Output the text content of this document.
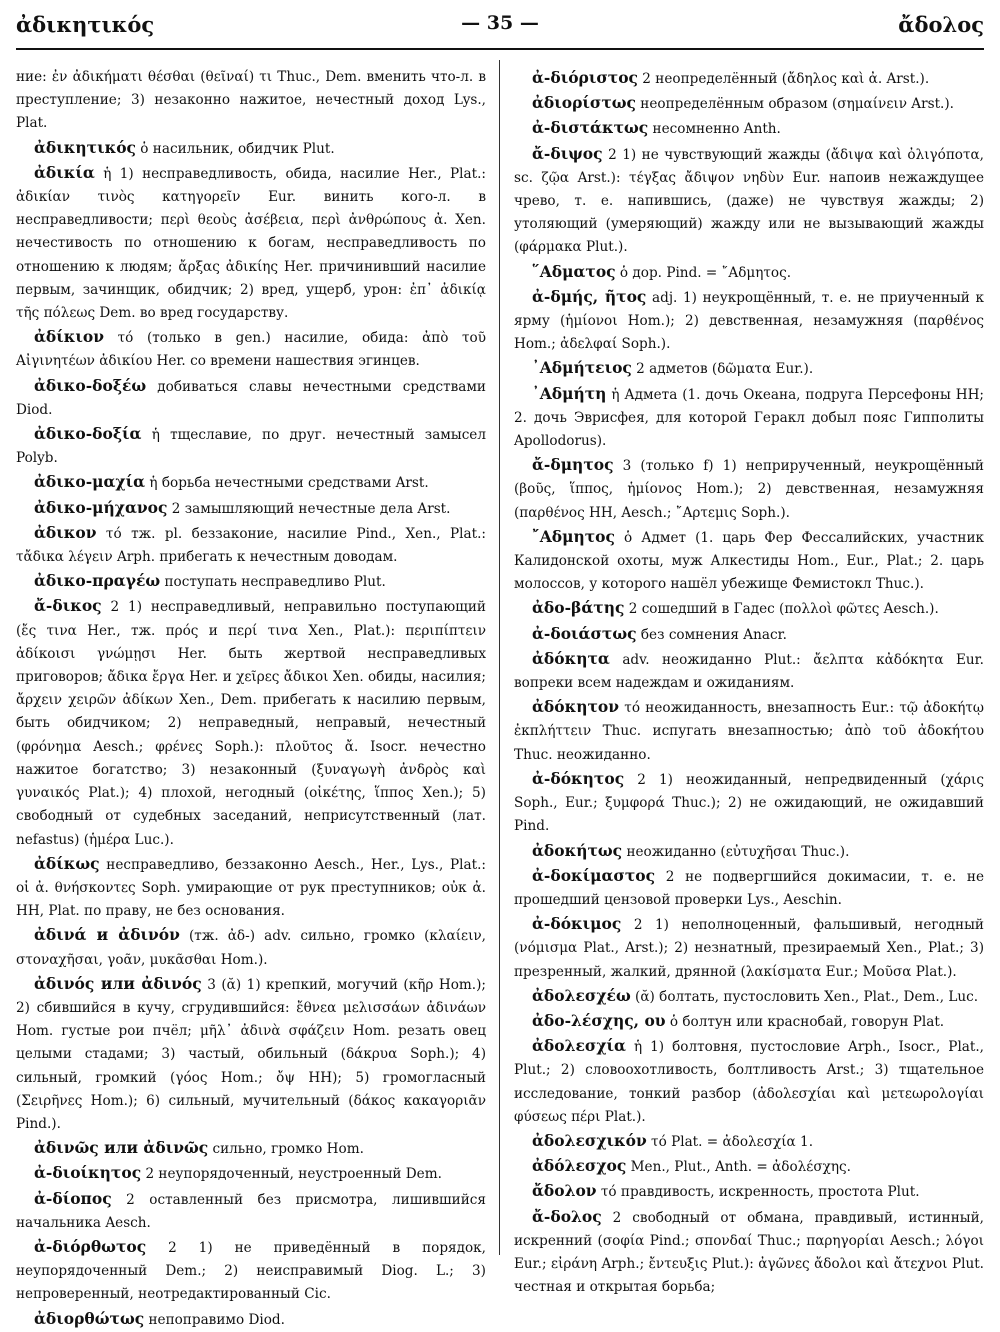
ἀδικητικός	— 35 —	ἄδολος

ние: ἐν ἀδικήματι θέσθαι (θεῖναί) τι Thuc., Dem. вменить что-л. в преступление; 3) незаконно нажитое, нечестный доход Lys., Plat.

ἀδικητικός ὁ насильник, обидчик Plut.

ἀδικία ἡ 1) несправедливость, обида, насилие Her., Plat.: ἀδικίαν τινὸς κατηγορεῖν Eur. винить кого-л. в несправедливости; περὶ θεοὺς ἀσέβεια, περὶ ἀνθρώπους ἀ. Xen. нечестивость по отношению к богам, несправедливость по отношению к людям; ἄρξας ἀδικίης Her. причинивший насилие первым, зачинщик, обидчик; 2) вред, ущерб, урон: ἐπ᾽ ἀδικίᾳ τῆς πόλεως Dem. во вред государству.

ἀδίκιον τό (только в gen.) насилие, обида: ἀπὸ τοῦ Αἰγινητέων ἀδικίου Her. со времени нашествия эгинцев.

ἀδικο-δοξέω добиваться славы нечестными средствами Diod.

ἀδικο-δοξία ἡ тщеславие, по друг. нечестный замысел Polyb.

ἀδικο-μαχία ἡ борьба нечестными средствами Arst.

ἀδικο-μήχανος 2 замышляющий нечестные дела Arst.

ἀδικον τό тж. pl. беззаконие, насилие Pind., Xen., Plat.: τἄδικα λέγειν Arph. прибегать к нечестным доводам.

ἀδικο-πραγέω поступать несправедливо Plut.

ἄ-δικος 2 1) несправедливый, неправильно поступающий (ἔς τινα Her., тж. πρός и περί τινα Xen., Plat.): περιπίπτειν ἀδίκοισι γνώμῃσι Her. быть жертвой несправедливых приговоров; ἄδικα ἔργα Her. и χεῖρες ἄδικοι Xen. обиды, насилия; ἄρχειν χειρῶν ἀδίκων Xen., Dem. прибегать к насилию первым, быть обидчиком; 2) неправедный, неправый, нечестный (φρόνημα Aesch.; φρένες Soph.): πλοῦτος ἄ. Isocr. нечестно нажитое богатство; 3) незаконный (ξυναγωγὴ ἀνδρὸς καὶ γυναικός Plat.); 4) плохой, негодный (οἰκέτης, ἵππος Xen.); 5) свободный от судебных заседаний, неприсутственный (лат. nefastus) (ἡμέρα Luc.).

ἀδίκως несправедливо, беззаконно Aesch., Her., Lys., Plat.: οἱ ἀ. θνήσκοντες Soph. умирающие от рук преступников; οὐκ ἀ. HH, Plat. по праву, не без основания.

ἀδινά и ἀδινόν (тж. ἀδ-) adv. сильно, громко (κλαίειν, στοναχῆσαι, γοᾶν, μυκᾶσθαι Hom.).

ἀδινός или ἀδινός 3 (ᾰ) 1) крепкий, могучий (κῆρ Hom.); 2) сбившийся в кучу, сгрудившийся: ἔθνεα μελισσάων ἀδινάων Hom. густые рои пчёл; μῆλ᾽ ἀδινὰ σφάζειν Hom. резать овец целыми стадами; 3) частый, обильный (δάκρυα Soph.); 4) сильный, громкий (γόος Hom.; ὄψ HH); 5) громогласный (Σειρῆνες Hom.); 6) сильный, мучительный (δάκος κακαγοριᾶν Pind.).

ἀδινῶς или ἀδινῶς сильно, громко Hom.

ἀ-διοίκητος 2 неупорядоченный, неустроенный Dem.

ἀ-δίοπος 2 оставленный без присмотра, лишившийся начальника Aesch.

ἀ-διόρθωτος 2 1) не приведённый в порядок, неупорядоченный Dem.; 2) неисправимый Diog. L.; 3) непроверенный, неотредактированный Cic.

ἀδιορθώτως непоправимо Diod.

ἀ-διόριστος 2 неопределённый (ἄδηλος καὶ ἀ. Arst.).

ἀδιορίστως неопределённым образом (σημαίνειν Arst.).

ἀ-διστάκτως несомненно Anth.

ἄ-διψος 2 1) не чувствующий жажды (ἄδιψα καὶ ὀλιγόποτα, sc. ζῷα Arst.): τέγξας ἄδιψον νηδὺν Eur. напоив нежаждущее чрево, т. е. напившись, (даже) не чувствуя жажды; 2) утоляющий (умеряющий) жажду или не вызывающий жажды (φάρμακα Plut.).

῞Αδματος ὁ дор. Pind. = ῎Αδμητος.

ἀ-δμής, ῆτος adj. 1) неукрощённый, т. е. не приученный к ярму (ἡμίονοι Hom.); 2) девственная, незамужняя (παρθένος Hom.; ἀδελφαί Soph.).

᾿Αδμήτειος 2 адметов (δῶματα Eur.).

᾿Αδμήτη ἡ Адмета (1. дочь Океана, подруга Персефоны HH; 2. дочь Эврисфея, для которой Геракл добыл пояс Гипполиты Apollodorus).

ἄ-δμητος 3 (только f) 1) неприрученный, неукрощённый (βοῦς, ἵππος, ἡμίονος Hom.); 2) девственная, незамужняя (παρθένος HH, Aesch.; ῎Αρτεμις Soph.).

῎Αδμητος ὁ Адмет (1. царь Фер Фессалийских, участник Калидонской охоты, муж Алкестиды Hom., Eur., Plat.; 2. царь молоссов, у которого нашёл убежище Фемистокл Thuc.).

ἀδο-βάτης 2 сошедший в Гадес (πολλοὶ φῶτες Aesch.).

ἀ-δοιάστως без сомнения Anacr.

ἀδόκητα adv. неожиданно Plut.: ἄελπτα κἀδόκητα Eur. вопреки всем надеждам и ожиданиям.

ἀδόκητον τό неожиданность, внезапность Eur.: τῷ ἀδοκήτῳ ἐκπλήττειν Thuc. испугать внезапностью; ἀπὸ τοῦ ἀδοκήτου Thuc. неожиданно.

ἀ-δόκητος 2 1) неожиданный, непредвиденный (χάρις Soph., Eur.; ξυμφορά Thuc.); 2) не ожидающий, не ожидавший Pind.

ἀδοκήτως неожиданно (εὐτυχῆσαι Thuc.).

ἀ-δοκίμαστος 2 не подвергшийся докимасии, т. е. не прошедший цензовой проверки Lys., Aeschin.

ἀ-δόκιμος 2 1) неполноценный, фальшивый, негодный (νόμισμα Plat., Arst.); 2) незнатный, презираемый Xen., Plat.; 3) презренный, жалкий, дрянной (λακίσματα Eur.; Μοῦσα Plat.).

ἀδολεσχέω (ᾰ) болтать, пустословить Xen., Plat., Dem., Luc.

ἀδο-λέσχης, ου ὁ болтун или краснобай, говорун Plat.

ἀδολεσχία ἡ 1) болтовня, пустословие Arph., Isocr., Plat., Plut.; 2) словоохотливость, болтливость Arst.; 3) тщательное исследование, тонкий разбор (ἀδολεσχίαι καὶ μετεωρολογίαι φύσεως πέρι Plat.).

ἀδολεσχικόν τό Plat. = ἀδολεσχία 1.

ἀδόλεσχος Men., Plut., Anth. = ἀδολέσχης.

ἄδολον τό правдивость, искренность, простота Plut.

ἄ-δολος 2 свободный от обмана, правдивый, истинный, искренний (σοφία Pind.; σπονδαί Thuc.; παρηγορίαι Aesch.; λόγοι Eur.; εἰράνη Arph.; ἔντευξις Plut.): ἀγῶνες ἄδολοι καὶ ἄτεχνοι Plut. честная и открытая борьба;
